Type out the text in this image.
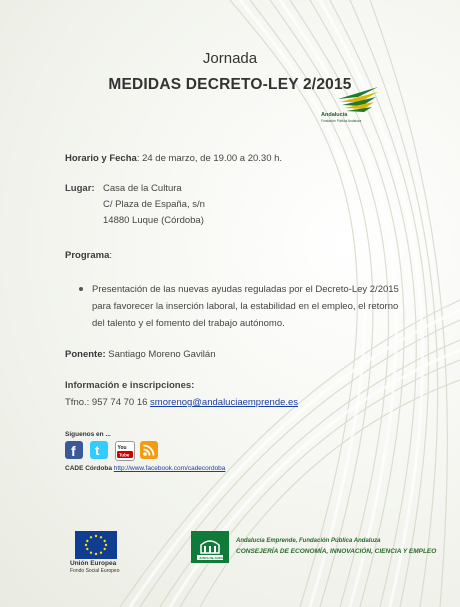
Jornada
MEDIDAS DECRETO-LEY 2/2015
Andalucía
Fundación Pública Andaluza
Horario y Fecha: 24 de marzo, de 19.00 a 20.30 h.
Lugar: Casa de la Cultura
C/ Plaza de España, s/n
14880 Luque (Córdoba)
Programa:
Presentación de las nuevas ayudas reguladas por el Decreto-Ley 2/2015 para favorecer la inserción laboral, la estabilidad en el empleo, el retorno del talento y el fomento del trabajo autónomo.
Ponente: Santiago Moreno Gavilán
Información e inscripciones:
Tfno.: 957 74 70 16 smorenog@andaluciaemprende.es
Síguenos en ...
f t	You
Tube
CADE Córdoba http://www.facebook.com/cadecordoba
Unión Europea
Fondo Social Europeo
JUNTA DE ANDALUCIA
Andalucía Emprende, Fundación Pública Andaluza
CONSEJERÍA DE ECONOMÍA, INNOVACIÓN, CIENCIA Y EMPLEO
